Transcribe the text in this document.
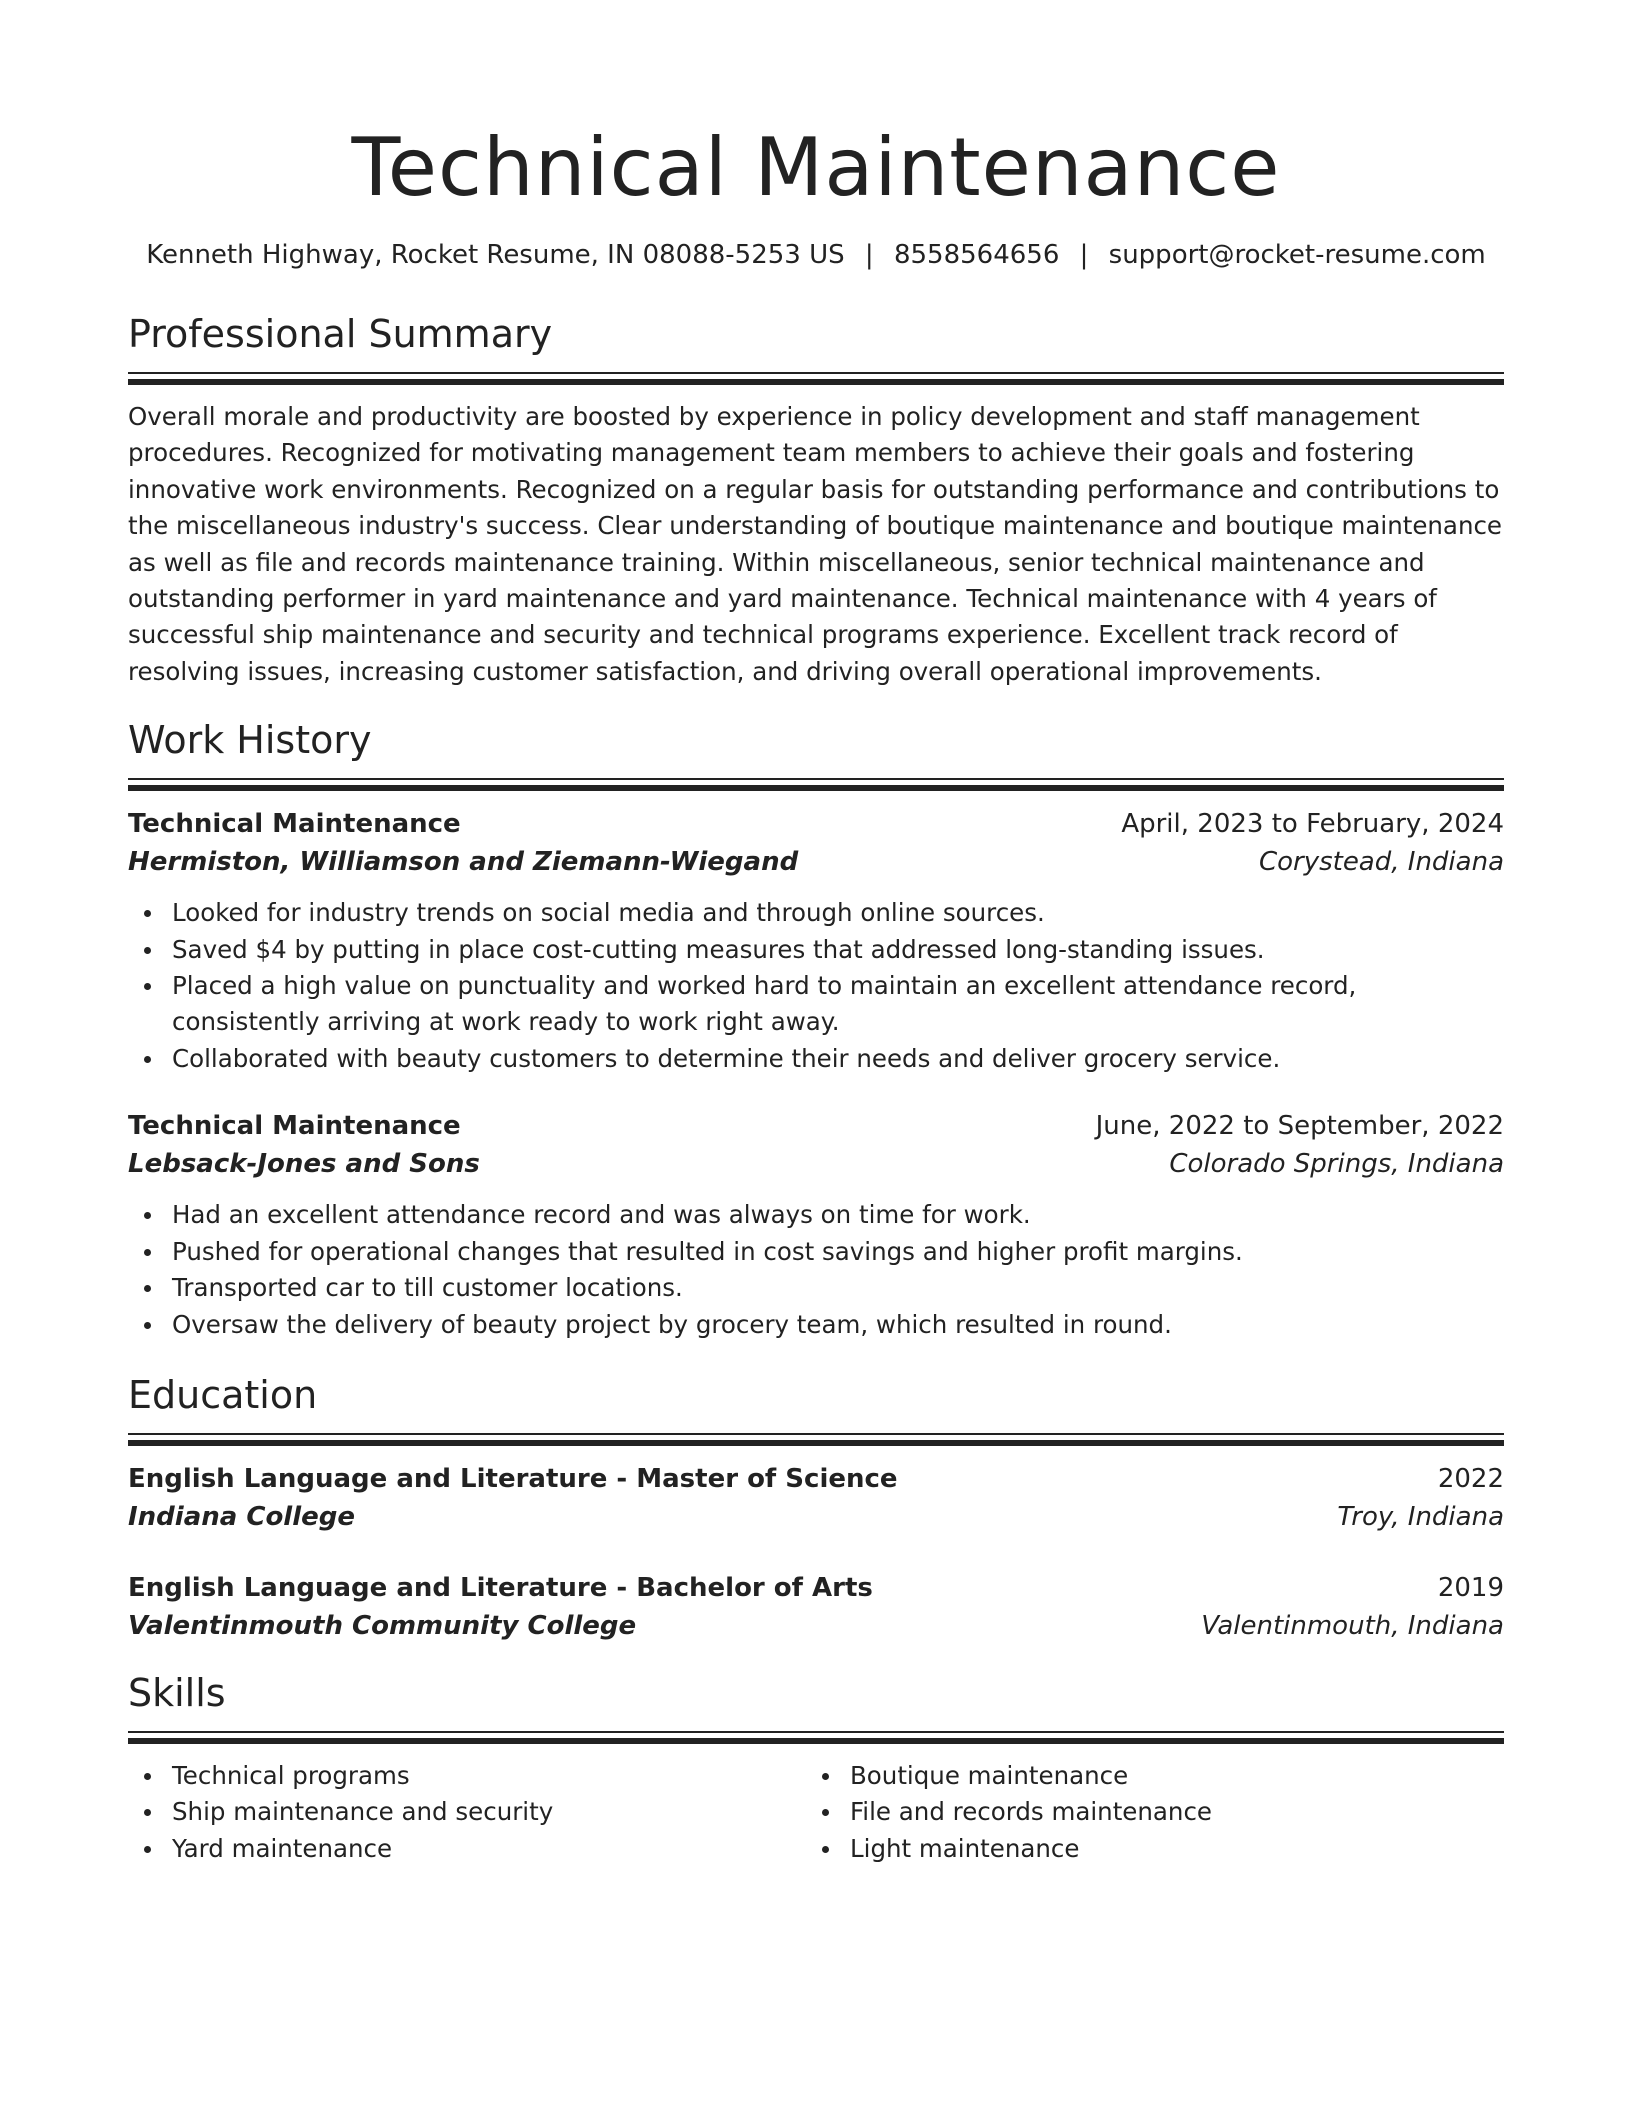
Technical Maintenance
Kenneth Highway, Rocket Resume, IN 08088-5253 US | 8558564656 | support@rocket-resume.com
Professional Summary

Overall morale and productivity are boosted by experience in policy development and staff management procedures. Recognized for motivating management team members to achieve their goals and fostering innovative work environments. Recognized on a regular basis for outstanding performance and contributions to the miscellaneous industry's success. Clear understanding of boutique maintenance and boutique maintenance as well as file and records maintenance training. Within miscellaneous, senior technical maintenance and outstanding performer in yard maintenance and yard maintenance. Technical maintenance with 4 years of successful ship maintenance and security and technical programs experience. Excellent track record of resolving issues, increasing customer satisfaction, and driving overall operational improvements.

Work History
Technical Maintenance	April, 2023 to February, 2024
Hermiston, Williamson and Ziemann-Wiegand	Corystead, Indiana
Looked for industry trends on social media and through online sources.
Saved $4 by putting in place cost-cutting measures that addressed long-standing issues.
Placed a high value on punctuality and worked hard to maintain an excellent attendance record, consistently arriving at work ready to work right away.
Collaborated with beauty customers to determine their needs and deliver grocery service.
Technical Maintenance	June, 2022 to September, 2022
Lebsack-Jones and Sons	Colorado Springs, Indiana
Had an excellent attendance record and was always on time for work.
Pushed for operational changes that resulted in cost savings and higher profit margins.
Transported car to till customer locations.
Oversaw the delivery of beauty project by grocery team, which resulted in round.
Education
English Language and Literature - Master of Science	2022
Indiana College	Troy, Indiana
English Language and Literature - Bachelor of Arts	2019
Valentinmouth Community College	Valentinmouth, Indiana
Skills
Technical programs
Ship maintenance and security
Yard maintenance
Boutique maintenance
File and records maintenance
Light maintenance
